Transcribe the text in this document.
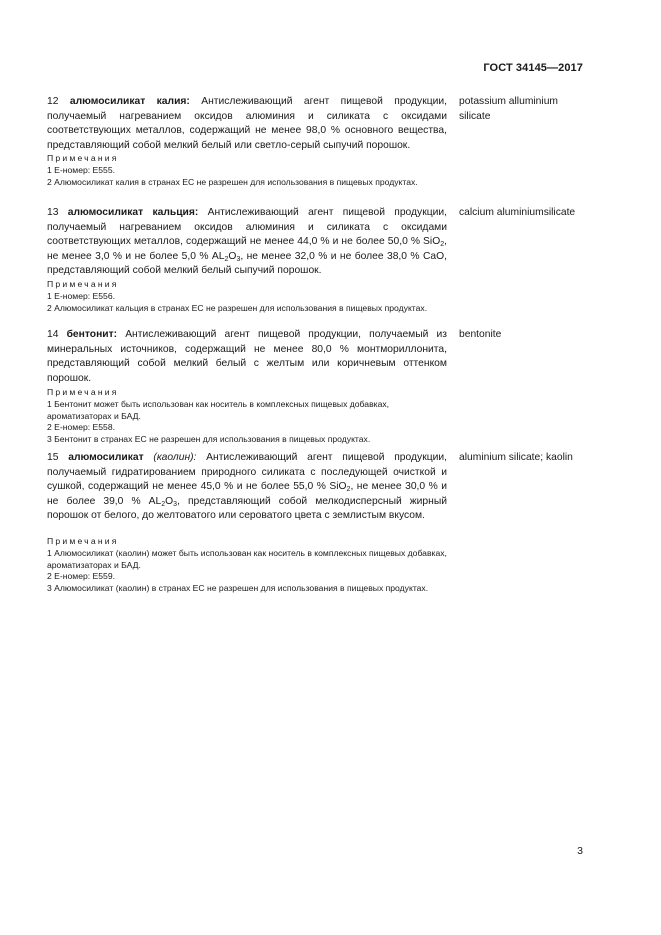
ГОСТ 34145—2017
12 алюмосиликат калия: Антислеживающий агент пищевой продукции, получаемый нагреванием оксидов алюминия и силиката с оксидами соответствующих металлов, содержащий не менее 98,0 % основного вещества, представляющий собой мелкий белый или светло-серый сыпучий порошок.
potassium alluminium silicate
Примечания
1 Е-номер: Е555.
2 Алюмосиликат калия в странах ЕС не разрешен для использования в пищевых продуктах.
13 алюмосиликат кальция: Антислеживающий агент пищевой продукции, получаемый нагреванием оксидов алюминия и силиката с оксидами соответствующих металлов, содержащий не менее 44,0 % и не более 50,0 % SiO$_2$, не менее 3,0 % и не более 5,0 % $AL_2O_3$, не менее 32,0 % и не более 38,0 % CaO, представляющий собой мелкий белый сыпучий порошок.
calcium aluminiumsilicate
Примечания
1 Е-номер: Е556.
2 Алюмосиликат кальция в странах ЕС не разрешен для использования в пищевых продуктах.
14 бентонит: Антислеживающий агент пищевой продукции, получаемый из минеральных источников, содержащий не менее 80,0 % монтмориллонита, представляющий собой мелкий белый с желтым или коричневым оттенком порошок.
bentonite
Примечания
1 Бентонит может быть использован как носитель в комплексных пищевых добавках, ароматизаторах и БАД.
2 Е-номер: Е558.
3 Бентонит в странах ЕС не разрешен для использования в пищевых продуктах.
15 алюмосиликат (каолин): Антислеживающий агент пищевой продукции, получаемый гидратированием природного силиката с последующей очисткой и сушкой, содержащий не менее 45,0 % и не более 55,0 % SiO$_2$, не менее 30,0 % и не более 39,0 % $AL_2O_3$, представляющий собой мелкодисперсный жирный порошок от белого, до желтоватого или сероватого цвета с землистым вкусом.
aluminium silicate; kaolin
Примечания
1 Алюмосиликат (каолин) может быть использован как носитель в комплексных пищевых добавках, ароматизаторах и БАД.
2 Е-номер: Е559.
3 Алюмосиликат (каолин) в странах ЕС не разрешен для использования в пищевых продуктах.
3
